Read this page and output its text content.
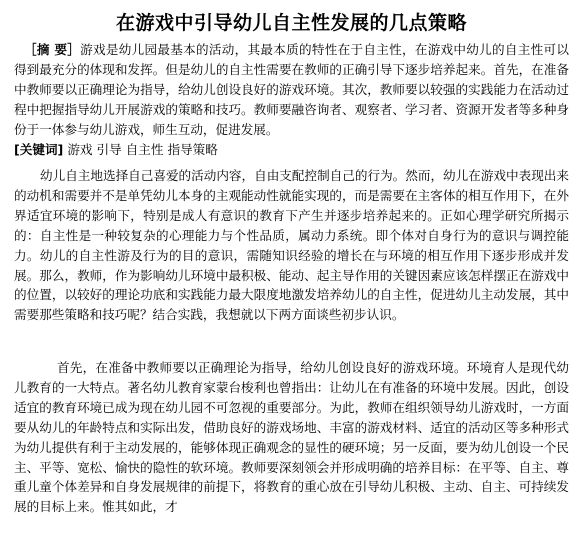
在游戏中引导幼儿自主性发展的几点策略

［摘 要］游戏是幼儿园最基本的活动，其最本质的特性在于自主性，在游戏中幼儿的自主性可以得到最充分的体现和发挥。但是幼儿的自主性需要在教师的正确引导下逐步培养起来。首先，在准备中教师要以正确理论为指导，给幼儿创设良好的游戏环境。其次，教师要以较强的实践能力在活动过程中把握指导幼儿开展游戏的策略和技巧。教师要融咨询者、观察者、学习者、资源开发者等多种身份于一体参与幼儿游戏，师生互动，促进发展。

[关键词] 游戏 引导 自主性 指导策略

幼儿自主地选择自己喜爱的活动内容，自由支配控制自己的行为。然而，幼儿在游戏中表现出来的动机和需要并不是单凭幼儿本身的主观能动性就能实现的，而是需要在主客体的相互作用下，在外界适宜环境的影响下，特别是成人有意识的教育下产生并逐步培养起来的。正如心理学研究所揭示的：自主性是一种较复杂的心理能力与个性品质，属动力系统。即个体对自身行为的意识与调控能力。幼儿的自主性游及行为的目的意识，需随知识经验的增长在与环境的相互作用下逐步形成并发展。那么，教师，作为影响幼儿环境中最积极、能动、起主导作用的关键因素应该怎样摆正在游戏中的位置，以较好的理论功底和实践能力最大限度地激发培养幼儿的自主性，促进幼儿主动发展，其中需要那些策略和技巧呢？结合实践，我想就以下两方面谈些初步认识。

首先，在准备中教师要以正确理论为指导，给幼儿创设良好的游戏环境。环境育人是现代幼儿教育的一大特点。著名幼儿教育家蒙台梭利也曾指出：让幼儿在有准备的环境中发展。因此，创设适宜的教育环境已成为现在幼儿园不可忽视的重要部分。为此，教师在组织领导幼儿游戏时，一方面要从幼儿的年龄特点和实际出发，借助良好的游戏场地、丰富的游戏材料、适宜的活动区等多种形式为幼儿提供有利于主动发展的，能够体现正确观念的显性的硬环境；另一反面，要为幼儿创设一个民主、平等、宽松、愉快的隐性的软环境。教师要深刻领会并形成明确的培养目标：在平等、自主、尊重儿童个体差异和自身发展规律的前提下，将教育的重心放在引导幼儿积极、主动、自主、可持续发展的目标上来。惟其如此，才
